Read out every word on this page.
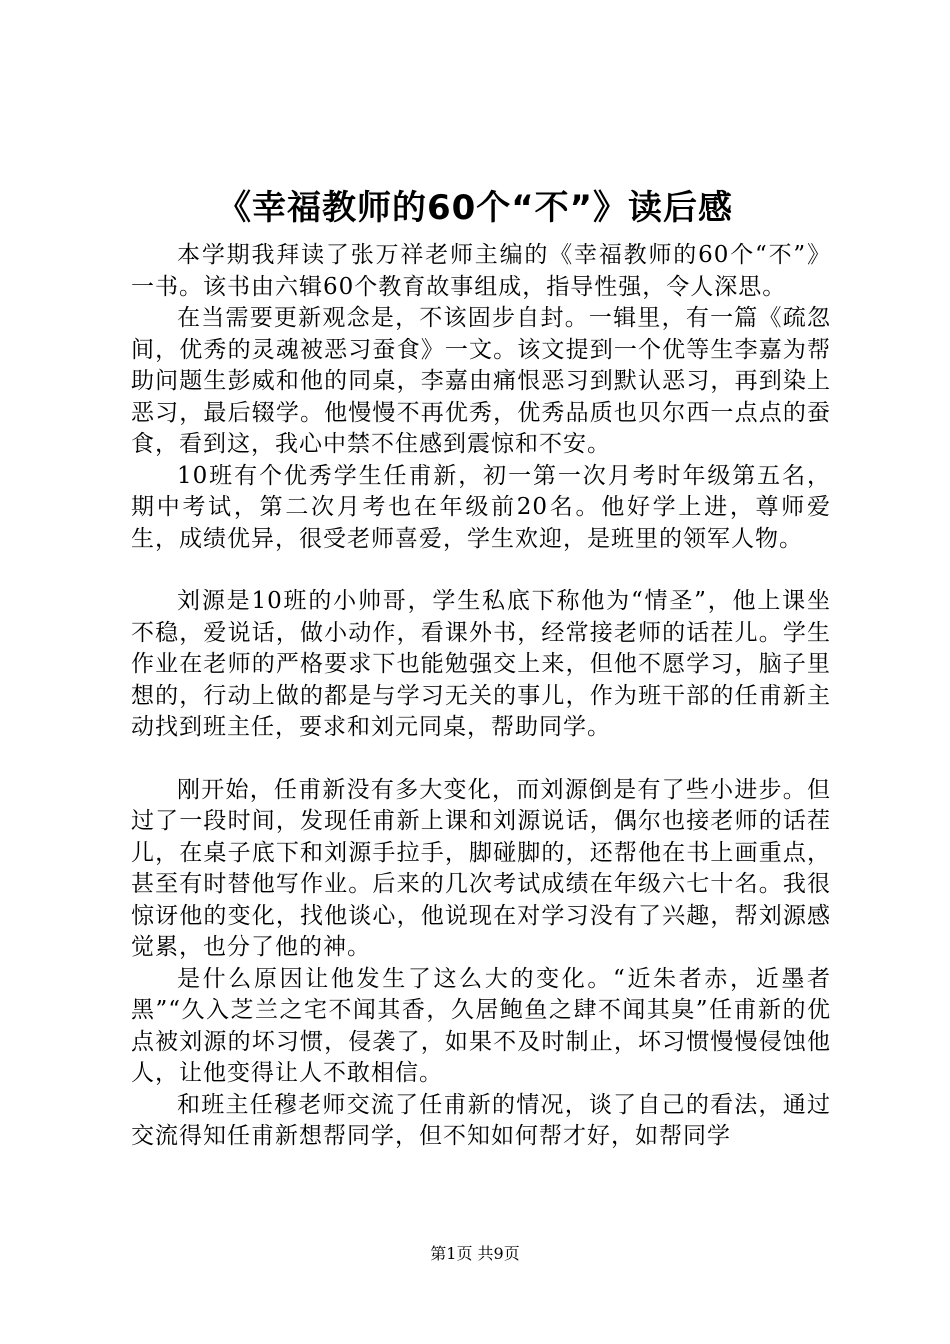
《幸福教师的60个“不”》读后感

本学期我拜读了张万祥老师主编的《幸福教师的60个“不”》一书。该书由六辑60个教育故事组成，指导性强，令人深思。

在当需要更新观念是，不该固步自封。一辑里，有一篇《疏忽间，优秀的灵魂被恶习蚕食》一文。该文提到一个优等生李嘉为帮助问题生彭威和他的同桌，李嘉由痛恨恶习到默认恶习，再到染上恶习，最后辍学。他慢慢不再优秀，优秀品质也贝尔西一点点的蚕食，看到这，我心中禁不住感到震惊和不安。

10班有个优秀学生任甫新，初一第一次月考时年级第五名，期中考试，第二次月考也在年级前20名。他好学上进，尊师爱生，成绩优异，很受老师喜爱，学生欢迎，是班里的领军人物。

刘源是10班的小帅哥，学生私底下称他为“情圣”，他上课坐不稳，爱说话，做小动作，看课外书，经常接老师的话茬儿。学生作业在老师的严格要求下也能勉强交上来，但他不愿学习，脑子里想的，行动上做的都是与学习无关的事儿，作为班干部的任甫新主动找到班主任，要求和刘元同桌，帮助同学。

刚开始，任甫新没有多大变化，而刘源倒是有了些小进步。但过了一段时间，发现任甫新上课和刘源说话，偶尔也接老师的话茬儿，在桌子底下和刘源手拉手，脚碰脚的，还帮他在书上画重点，甚至有时替他写作业。后来的几次考试成绩在年级六七十名。我很惊讶他的变化，找他谈心，他说现在对学习没有了兴趣，帮刘源感觉累，也分了他的神。

是什么原因让他发生了这么大的变化。“近朱者赤，近墨者黑”“久入芝兰之宅不闻其香，久居鲍鱼之肆不闻其臭”任甫新的优点被刘源的坏习惯，侵袭了，如果不及时制止，坏习惯慢慢侵蚀他人，让他变得让人不敢相信。

和班主任穆老师交流了任甫新的情况，谈了自己的看法，通过交流得知任甫新想帮同学，但不知如何帮才好，如帮同学

第1页 共9页
